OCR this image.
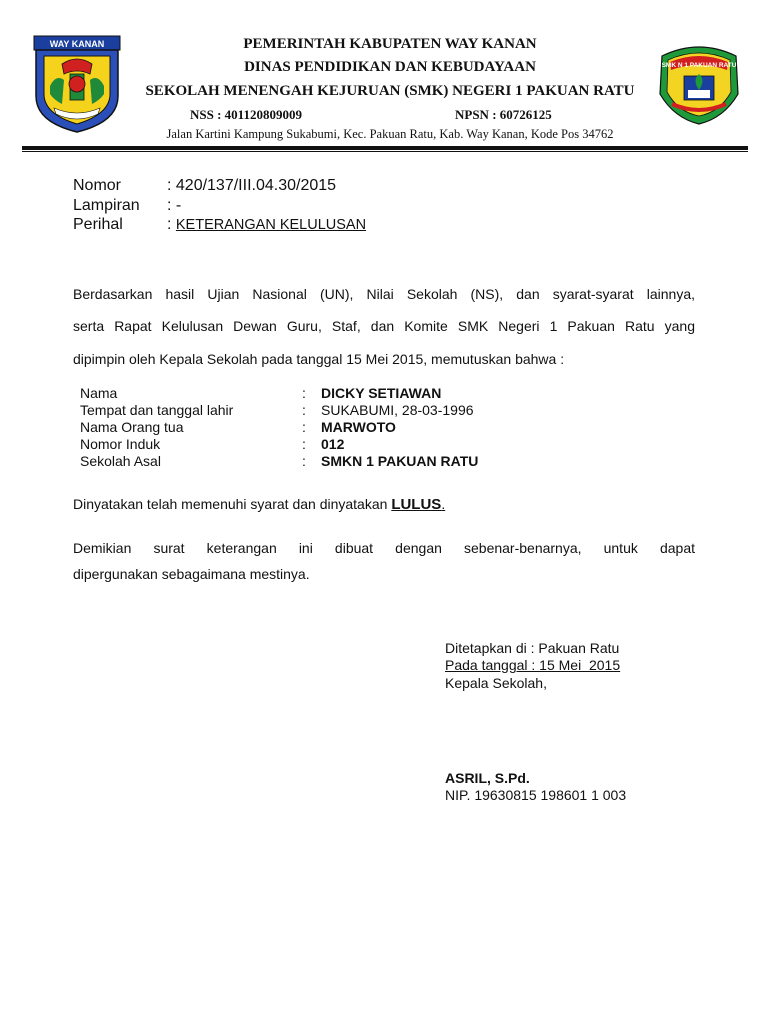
WAY KANAN
SMK N 1 PAKUAN RATU
PEMERINTAH KABUPATEN WAY KANAN
DINAS PENDIDIKAN DAN KEBUDAYAAN
SEKOLAH MENENGAH KEJURUAN (SMK) NEGERI 1 PAKUAN RATU
NSS : 401120809009	NPSN : 60726125
Jalan Kartini Kampung Sukabumi, Kec. Pakuan Ratu, Kab. Way Kanan, Kode Pos 34762
Nomor	: 420/137/III.04.30/2015
Lampiran : -
Perihal	: KETERANGAN KELULUSAN
Berdasarkan hasil Ujian Nasional (UN), Nilai Sekolah (NS), dan syarat-syarat lainnya,
serta Rapat Kelulusan Dewan Guru, Staf, dan Komite SMK Negeri 1 Pakuan Ratu yang
dipimpin oleh Kepala Sekolah pada tanggal 15 Mei 2015, memutuskan bahwa :
Nama	: DICKY SETIAWAN
Tempat dan tanggal lahir	: SUKABUMI, 28-03-1996
Nama Orang tua	: MARWOTO
Nomor Induk	: 012
Sekolah Asal	: SMKN 1 PAKUAN RATU
Dinyatakan telah memenuhi syarat dan dinyatakan LULUS.
Demikian surat keterangan ini dibuat dengan sebenar-benarnya, untuk dapat
dipergunakan sebagaimana mestinya.
Ditetapkan di : Pakuan Ratu
Pada tanggal : 15 Mei  2015
Kepala Sekolah,
ASRIL, S.Pd.
NIP. 19630815 198601 1 003
